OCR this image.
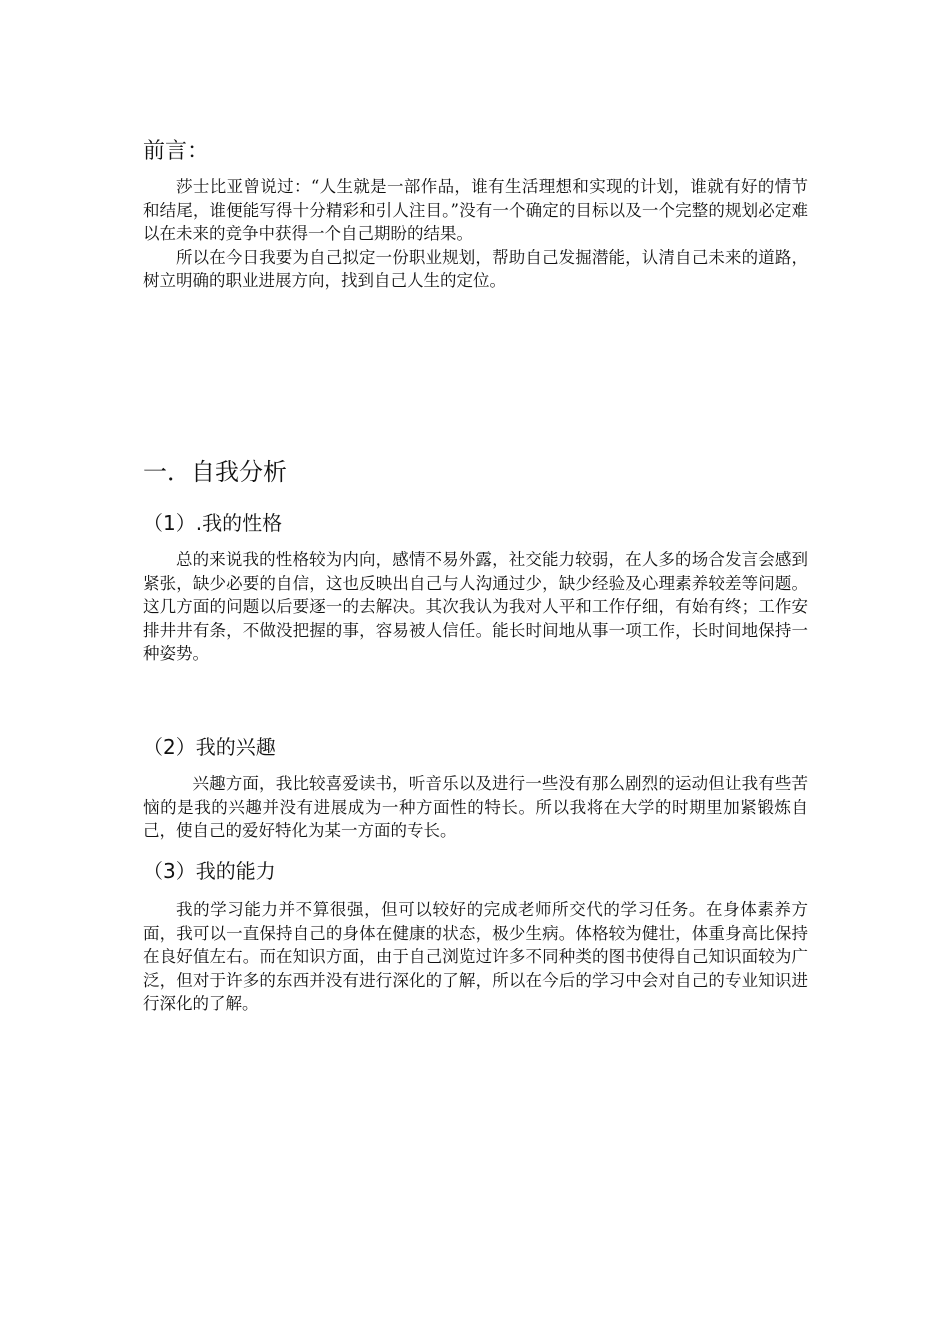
前言：

莎士比亚曾说过：“人生就是一部作品，谁有生活理想和实现的计划，谁就有好的情节和结尾，谁便能写得十分精彩和引人注目。”没有一个确定的目标以及一个完整的规划必定难以在未来的竞争中获得一个自己期盼的结果。

所以在今日我要为自己拟定一份职业规划，帮助自己发掘潜能，认清自己未来的道路，树立明确的职业进展方向，找到自己人生的定位。

一．自我分析
（1）.我的性格

总的来说我的性格较为内向，感情不易外露，社交能力较弱，在人多的场合发言会感到紧张，缺少必要的自信，这也反映出自己与人沟通过少，缺少经验及心理素养较差等问题。这几方面的问题以后要逐一的去解决。其次我认为我对人平和工作仔细，有始有终；工作安排井井有条，不做没把握的事，容易被人信任。能长时间地从事一项工作，长时间地保持一种姿势。

（2）我的兴趣

兴趣方面，我比较喜爱读书，听音乐以及进行一些没有那么剧烈的运动但让我有些苦恼的是我的兴趣并没有进展成为一种方面性的特长。所以我将在大学的时期里加紧锻炼自己，使自己的爱好特化为某一方面的专长。

（3）我的能力

我的学习能力并不算很强，但可以较好的完成老师所交代的学习任务。在身体素养方面，我可以一直保持自己的身体在健康的状态，极少生病。体格较为健壮，体重身高比保持在良好值左右。而在知识方面，由于自己浏览过许多不同种类的图书使得自己知识面较为广泛，但对于许多的东西并没有进行深化的了解，所以在今后的学习中会对自己的专业知识进行深化的了解。
